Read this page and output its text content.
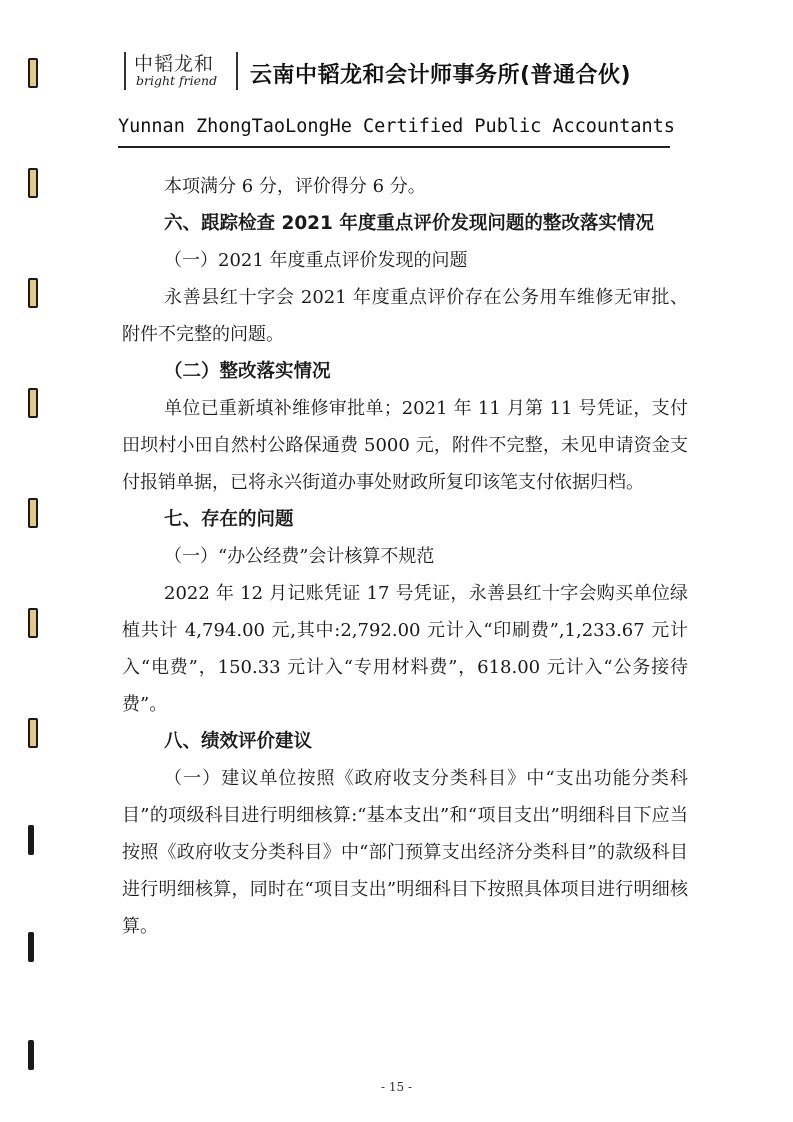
中韬龙和
bright friend 云南中韬龙和会计师事务所(普通合伙)
Yunnan ZhongTaoLongHe Certified Public Accountants

本项满分 6 分，评价得分 6 分。

六、跟踪检查 2021 年度重点评价发现问题的整改落实情况

（一）2021 年度重点评价发现的问题

永善县红十字会 2021 年度重点评价存在公务用车维修无审批、附件不完整的问题。

（二）整改落实情况

单位已重新填补维修审批单；2021 年 11 月第 11 号凭证，支付田坝村小田自然村公路保通费 5000 元，附件不完整，未见申请资金支付报销单据，已将永兴街道办事处财政所复印该笔支付依据归档。

七、存在的问题

（一）“办公经费”会计核算不规范

2022 年 12 月记账凭证 17 号凭证，永善县红十字会购买单位绿植共计 4,794.00 元,其中:2,792.00 元计入“印刷费”,1,233.67 元计入“电费”，150.33 元计入“专用材料费”，618.00 元计入“公务接待费”。

八、绩效评价建议

（一）建议单位按照《政府收支分类科目》中“支出功能分类科目”的项级科目进行明细核算:“基本支出”和“项目支出”明细科目下应当按照《政府收支分类科目》中“部门预算支出经济分类科目”的款级科目进行明细核算，同时在“项目支出”明细科目下按照具体项目进行明细核算。

- 15 -
